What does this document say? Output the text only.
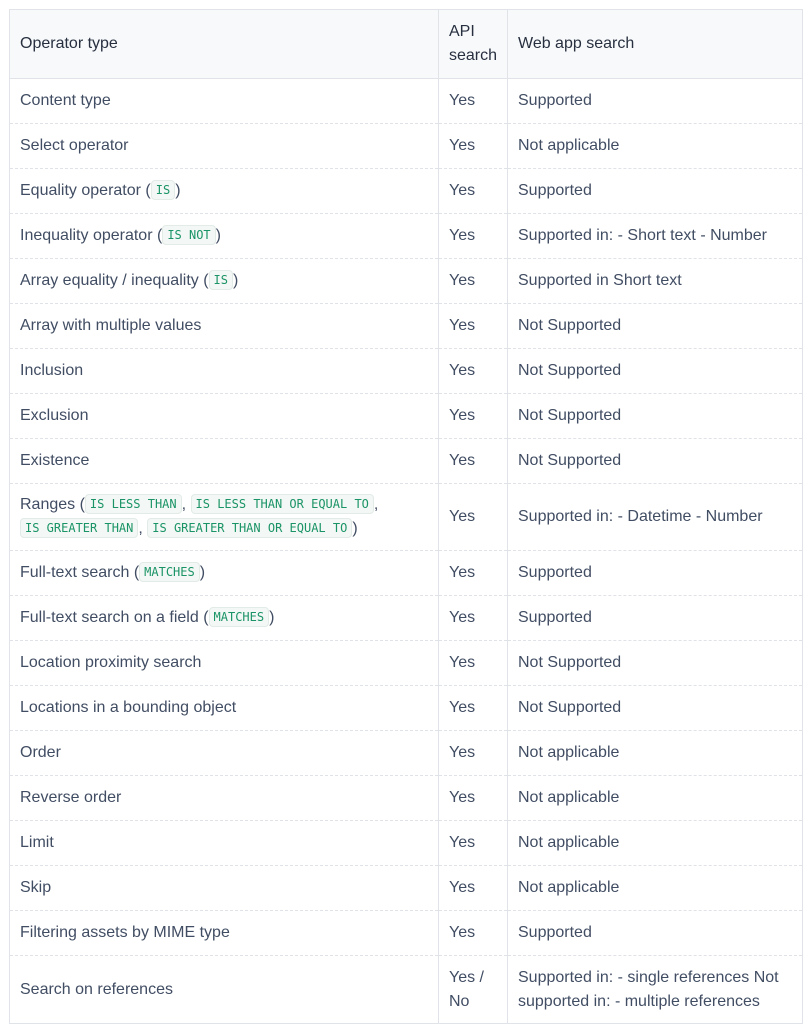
Operator type	API search	Web app search
Content type	Yes	Supported
Select operator	Yes	Not applicable
Equality operator ( IS )	Yes	Supported
Inequality operator ( IS NOT )	Yes	Supported in: - Short text - Number
Array equality / inequality ( IS )	Yes	Supported in Short text
Array with multiple values	Yes	Not Supported
Inclusion	Yes	Not Supported
Exclusion	Yes	Not Supported
Existence	Yes	Not Supported
Ranges ( IS LESS THAN , IS LESS THAN OR EQUAL TO , IS GREATER THAN , IS GREATER THAN OR EQUAL TO )	Yes	Supported in: - Datetime - Number
Full-text search ( MATCHES )	Yes	Supported
Full-text search on a field ( MATCHES )	Yes	Supported
Location proximity search	Yes	Not Supported
Locations in a bounding object	Yes	Not Supported
Order	Yes	Not applicable
Reverse order	Yes	Not applicable
Limit	Yes	Not applicable
Skip	Yes	Not applicable
Filtering assets by MIME type	Yes	Supported
Search on references	Yes / No	Supported in: - single references Not supported in: - multiple references
